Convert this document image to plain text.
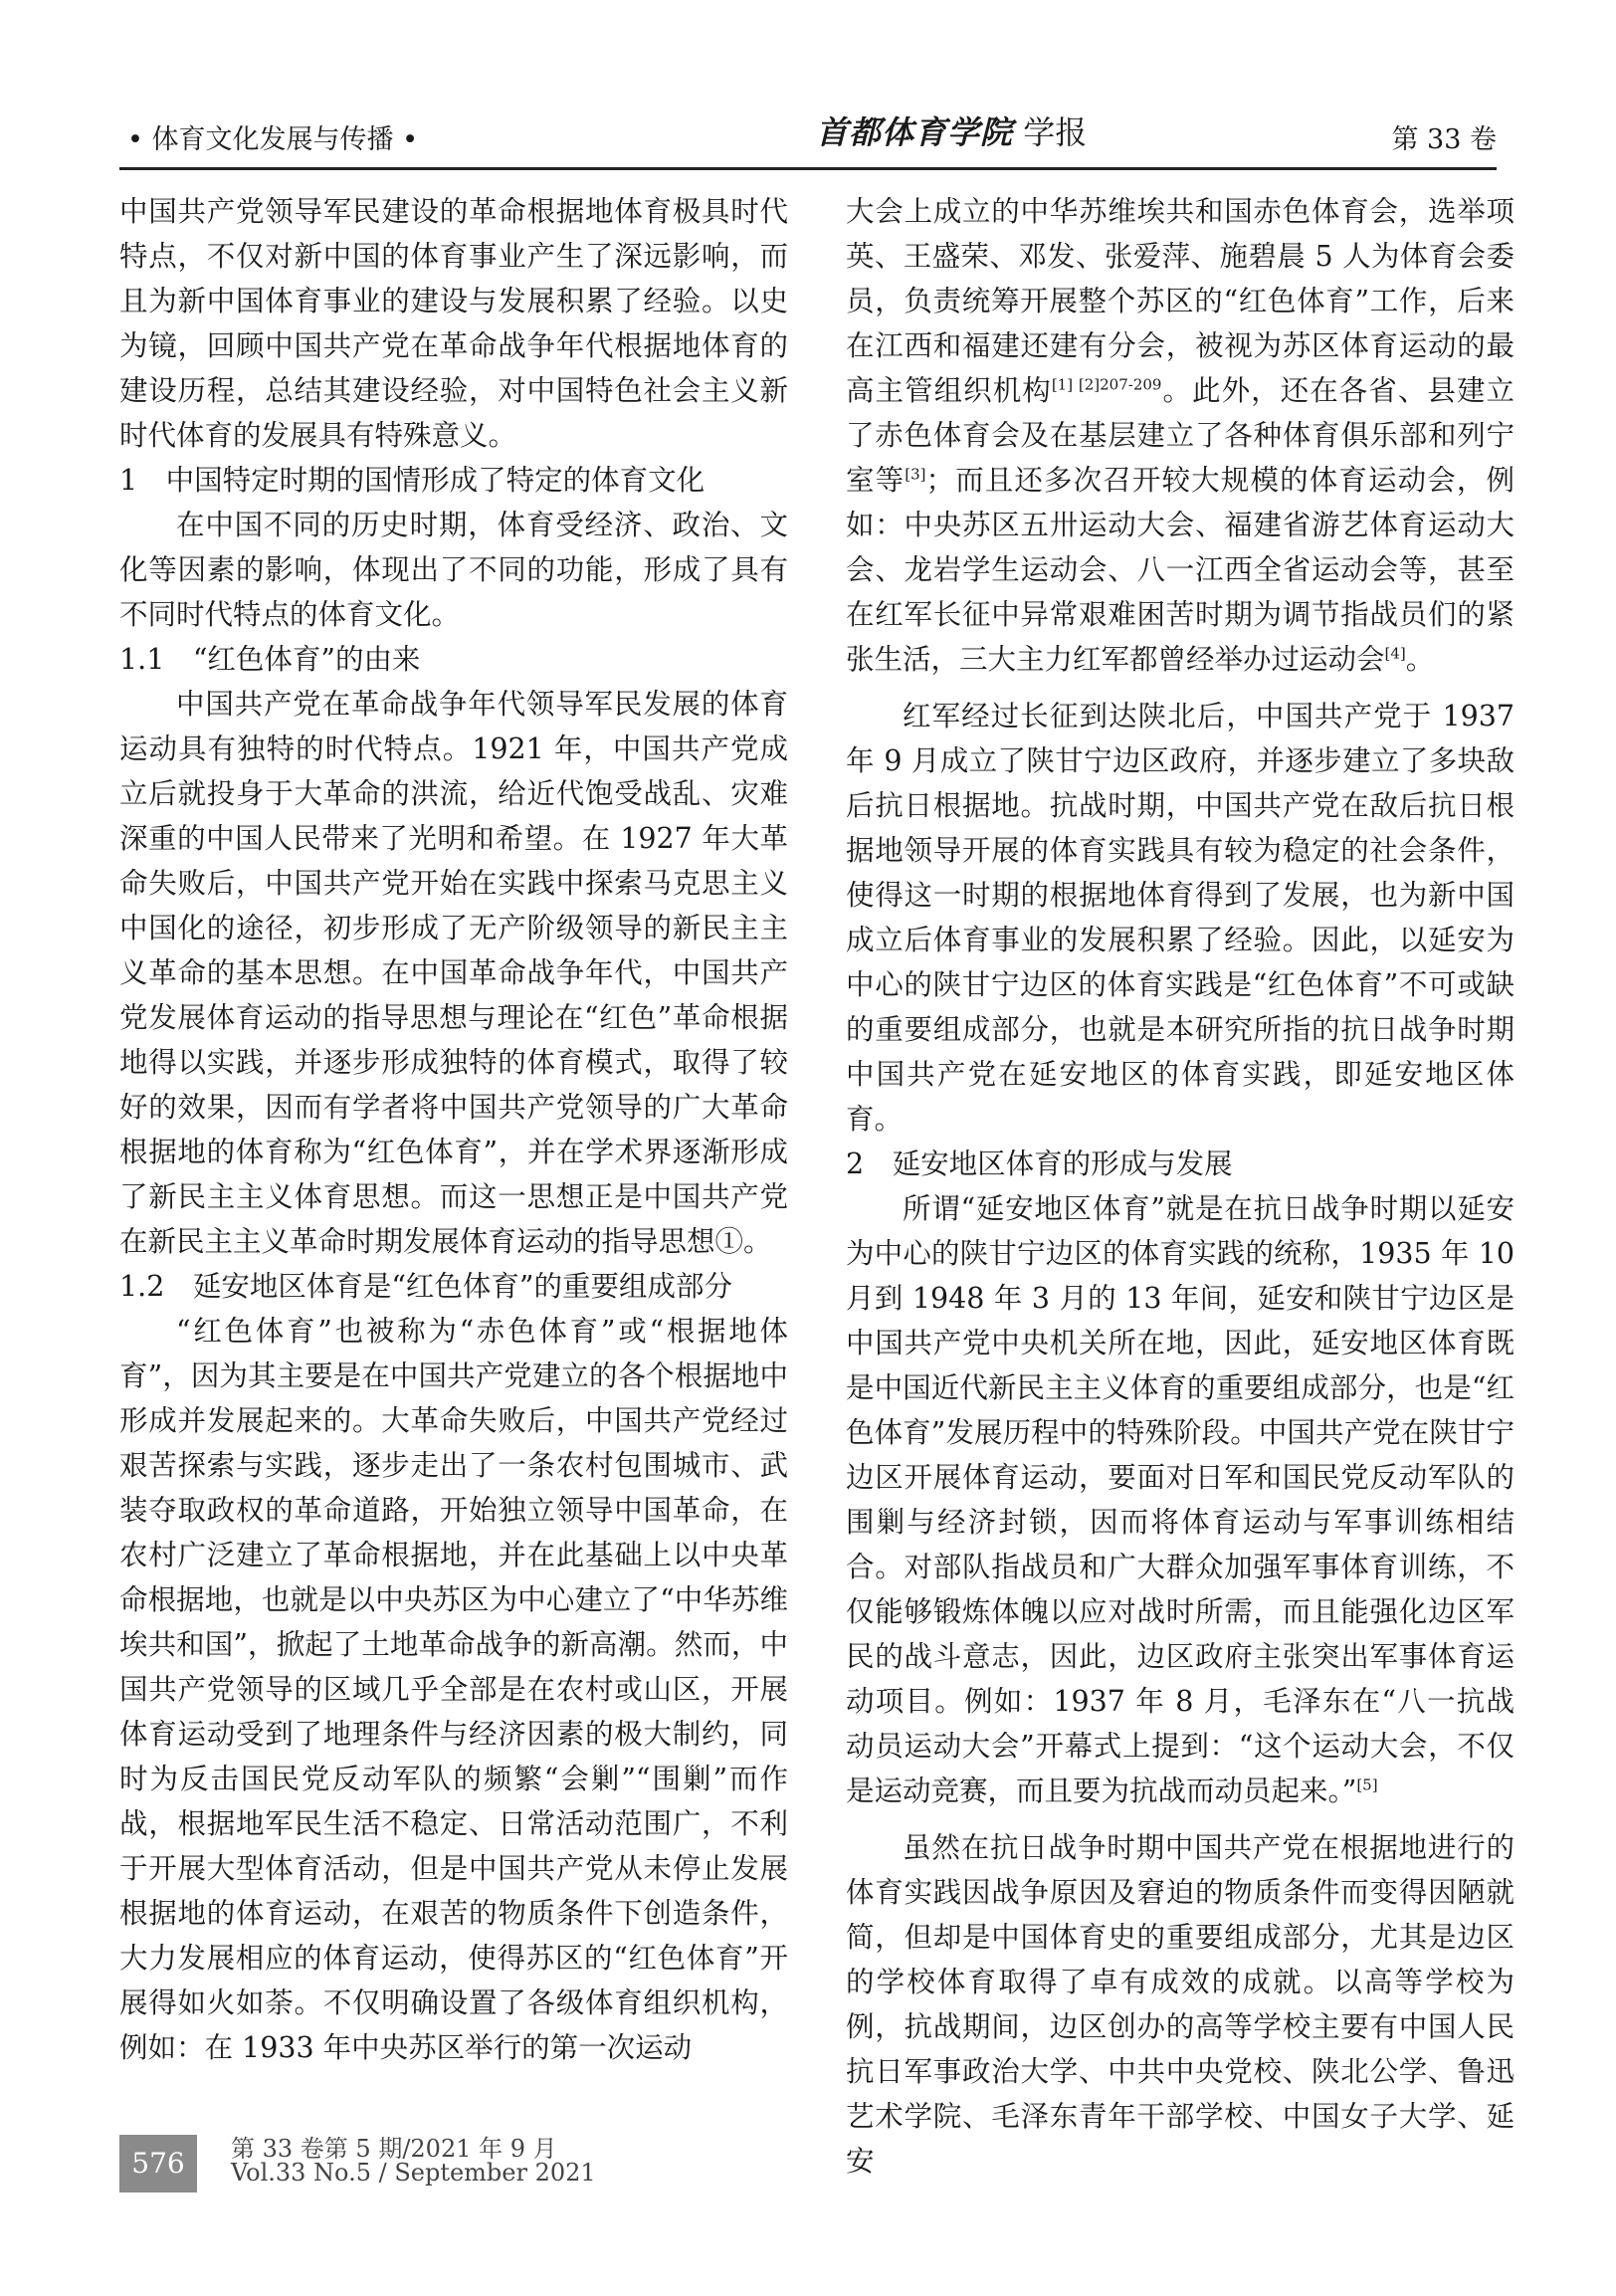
• 体育文化发展与传播 •	首都体育学院 学报	第 33 卷

中国共产党领导军民建设的革命根据地体育极具时代特点，不仅对新中国的体育事业产生了深远影响，而且为新中国体育事业的建设与发展积累了经验。以史为镜，回顾中国共产党在革命战争年代根据地体育的建设历程，总结其建设经验，对中国特色社会主义新时代体育的发展具有特殊意义。

1　中国特定时期的国情形成了特定的体育文化

在中国不同的历史时期，体育受经济、政治、文化等因素的影响，体现出了不同的功能，形成了具有不同时代特点的体育文化。

1.1　“红色体育”的由来

中国共产党在革命战争年代领导军民发展的体育运动具有独特的时代特点。1921 年，中国共产党成立后就投身于大革命的洪流，给近代饱受战乱、灾难深重的中国人民带来了光明和希望。在 1927 年大革命失败后，中国共产党开始在实践中探索马克思主义中国化的途径，初步形成了无产阶级领导的新民主主义革命的基本思想。在中国革命战争年代，中国共产党发展体育运动的指导思想与理论在“红色”革命根据地得以实践，并逐步形成独特的体育模式，取得了较好的效果，因而有学者将中国共产党领导的广大革命根据地的体育称为“红色体育”，并在学术界逐渐形成了新民主主义体育思想。而这一思想正是中国共产党在新民主主义革命时期发展体育运动的指导思想①。

1.2　延安地区体育是“红色体育”的重要组成部分

“红色体育”也被称为“赤色体育”或“根据地体育”，因为其主要是在中国共产党建立的各个根据地中形成并发展起来的。大革命失败后，中国共产党经过艰苦探索与实践，逐步走出了一条农村包围城市、武装夺取政权的革命道路，开始独立领导中国革命，在农村广泛建立了革命根据地，并在此基础上以中央革命根据地，也就是以中央苏区为中心建立了“中华苏维埃共和国”，掀起了土地革命战争的新高潮。然而，中国共产党领导的区域几乎全部是在农村或山区，开展体育运动受到了地理条件与经济因素的极大制约，同时为反击国民党反动军队的频繁“会剿”“围剿”而作战，根据地军民生活不稳定、日常活动范围广，不利于开展大型体育活动，但是中国共产党从未停止发展根据地的体育运动，在艰苦的物质条件下创造条件，大力发展相应的体育运动，使得苏区的“红色体育”开展得如火如荼。不仅明确设置了各级体育组织机构，例如：在 1933 年中央苏区举行的第一次运动

大会上成立的中华苏维埃共和国赤色体育会，选举项英、王盛荣、邓发、张爱萍、施碧晨 5 人为体育会委员，负责统筹开展整个苏区的“红色体育”工作，后来在江西和福建还建有分会，被视为苏区体育运动的最高主管组织机构$^{[1] [2]207-209}$。此外，还在各省、县建立了赤色体育会及在基层建立了各种体育俱乐部和列宁室等[3]；而且还多次召开较大规模的体育运动会，例如：中央苏区五卅运动大会、福建省游艺体育运动大会、龙岩学生运动会、八一江西全省运动会等，甚至在红军长征中异常艰难困苦时期为调节指战员们的紧张生活，三大主力红军都曾经举办过运动会[4]。

红军经过长征到达陕北后，中国共产党于 1937 年 9 月成立了陕甘宁边区政府，并逐步建立了多块敌后抗日根据地。抗战时期，中国共产党在敌后抗日根据地领导开展的体育实践具有较为稳定的社会条件，使得这一时期的根据地体育得到了发展，也为新中国成立后体育事业的发展积累了经验。因此，以延安为中心的陕甘宁边区的体育实践是“红色体育”不可或缺的重要组成部分，也就是本研究所指的抗日战争时期中国共产党在延安地区的体育实践，即延安地区体育。

2　延安地区体育的形成与发展

所谓“延安地区体育”就是在抗日战争时期以延安为中心的陕甘宁边区的体育实践的统称，1935 年 10 月到 1948 年 3 月的 13 年间，延安和陕甘宁边区是中国共产党中央机关所在地，因此，延安地区体育既是中国近代新民主主义体育的重要组成部分，也是“红色体育”发展历程中的特殊阶段。中国共产党在陕甘宁边区开展体育运动，要面对日军和国民党反动军队的围剿与经济封锁，因而将体育运动与军事训练相结合。对部队指战员和广大群众加强军事体育训练，不仅能够锻炼体魄以应对战时所需，而且能强化边区军民的战斗意志，因此，边区政府主张突出军事体育运动项目。例如：1937 年 8 月，毛泽东在“八一抗战动员运动大会”开幕式上提到：“这个运动大会，不仅是运动竞赛，而且要为抗战而动员起来。”[5]

虽然在抗日战争时期中国共产党在根据地进行的体育实践因战争原因及窘迫的物质条件而变得因陋就简，但却是中国体育史的重要组成部分，尤其是边区的学校体育取得了卓有成效的成就。以高等学校为例，抗战期间，边区创办的高等学校主要有中国人民抗日军事政治大学、中共中央党校、陕北公学、鲁迅艺术学院、毛泽东青年干部学校、中国女子大学、延安

576	第 33 卷第 5 期/2021 年 9 月
Vol.33 No.5 / September 2021
